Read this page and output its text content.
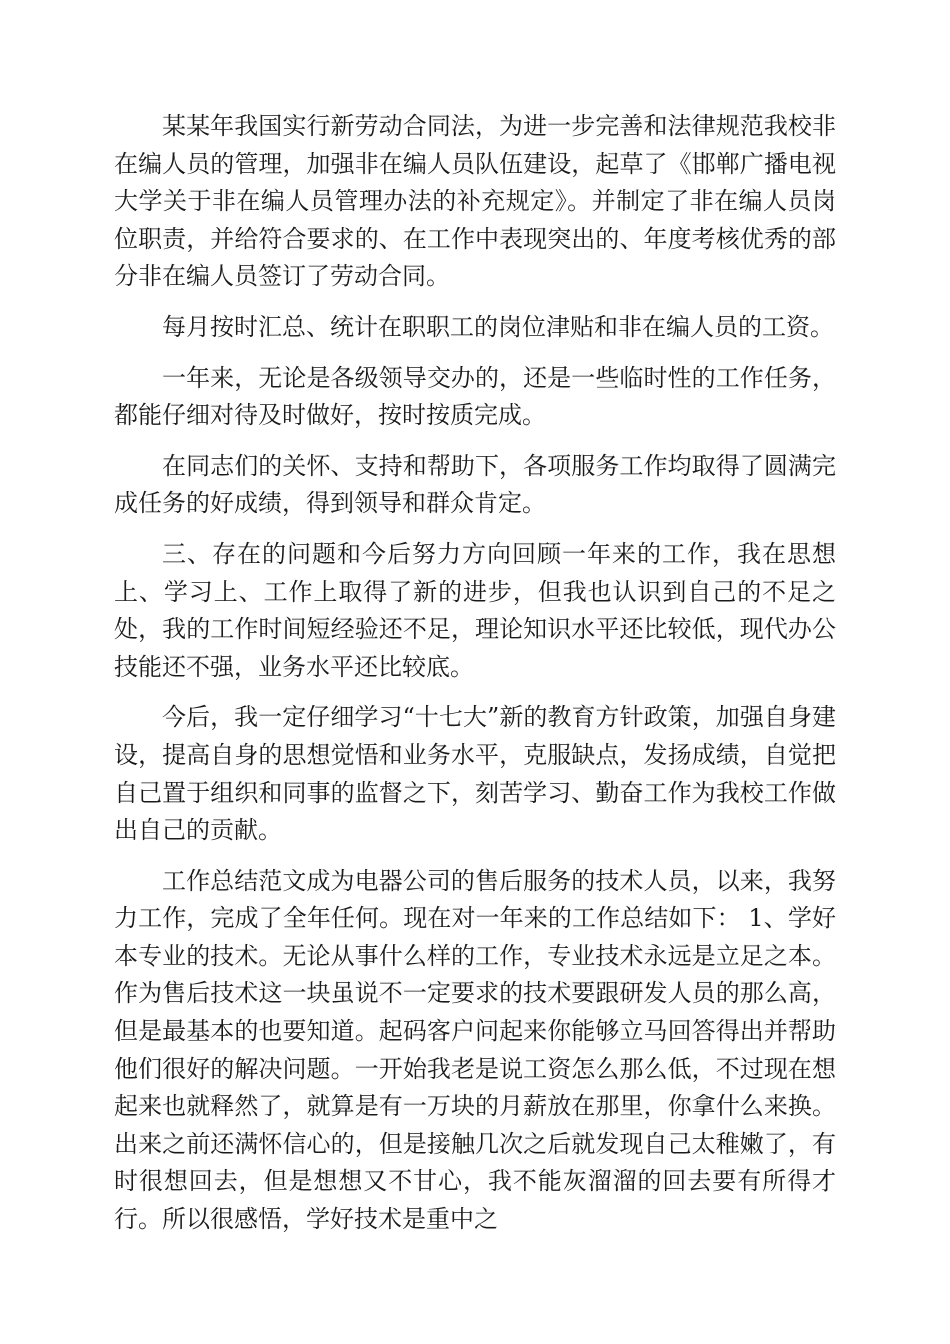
某某年我国实行新劳动合同法，为进一步完善和法律规范我校非在编人员的管理，加强非在编人员队伍建设，起草了《邯郸广播电视大学关于非在编人员管理办法的补充规定》。并制定了非在编人员岗位职责，并给符合要求的、在工作中表现突出的、年度考核优秀的部分非在编人员签订了劳动合同。

每月按时汇总、统计在职职工的岗位津贴和非在编人员的工资。

一年来，无论是各级领导交办的，还是一些临时性的工作任务，都能仔细对待及时做好，按时按质完成。

在同志们的关怀、支持和帮助下，各项服务工作均取得了圆满完成任务的好成绩，得到领导和群众肯定。

三、存在的问题和今后努力方向回顾一年来的工作，我在思想上、学习上、工作上取得了新的进步，但我也认识到自己的不足之处，我的工作时间短经验还不足，理论知识水平还比较低，现代办公技能还不强，业务水平还比较底。

今后，我一定仔细学习“十七大”新的教育方针政策，加强自身建设，提高自身的思想觉悟和业务水平，克服缺点，发扬成绩，自觉把自己置于组织和同事的监督之下，刻苦学习、勤奋工作为我校工作做出自己的贡献。

工作总结范文成为电器公司的售后服务的技术人员，以来，我努力工作，完成了全年任何。现在对一年来的工作总结如下： 1、学好本专业的技术。无论从事什么样的工作，专业技术永远是立足之本。作为售后技术这一块虽说不一定要求的技术要跟研发人员的那么高，但是最基本的也要知道。起码客户问起来你能够立马回答得出并帮助他们很好的解决问题。一开始我老是说工资怎么那么低，不过现在想起来也就释然了，就算是有一万块的月薪放在那里，你拿什么来换。出来之前还满怀信心的，但是接触几次之后就发现自己太稚嫩了，有时很想回去，但是想想又不甘心，我不能灰溜溜的回去要有所得才行。所以很感悟，学好技术是重中之
